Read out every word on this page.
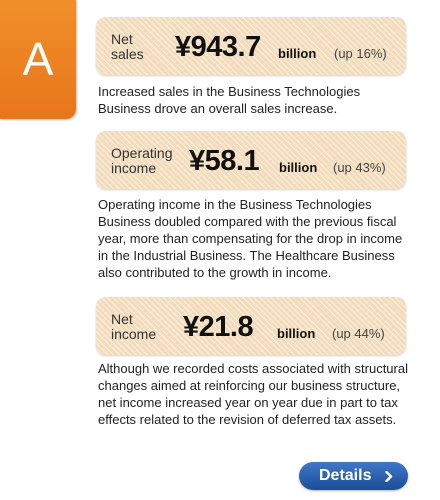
A	Net
sales ¥943.7 billion (up 16%)

Increased sales in the Business Technologies Business drove an overall sales increase.

Operating
income	¥58.1 billion (up 43%)

Operating income in the Business Technologies Business doubled compared with the previous fiscal year, more than compensating for the drop in income in the Industrial Business. The Healthcare Business also contributed to the growth in income.

Net
income ¥21.8 billion (up 44%)

Although we recorded costs associated with structural changes aimed at reinforcing our business structure, net income increased year on year due in part to tax effects related to the revision of deferred tax assets.

Details
